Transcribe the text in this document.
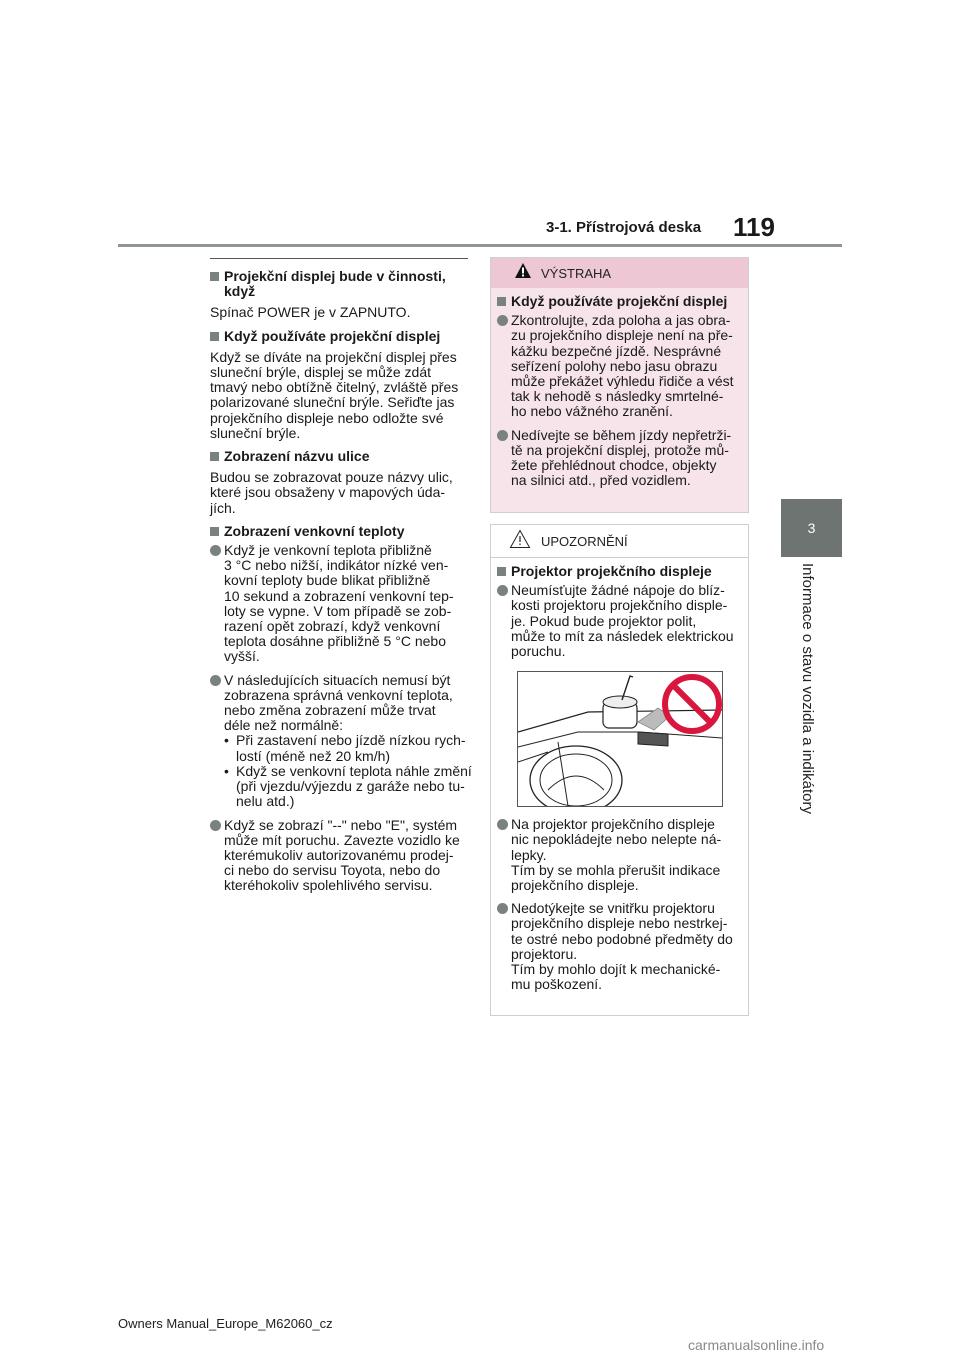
3-1. Přístrojová deska 119
3
Informace o stavu vozidla a indikátory
Projekční displej bude v činnosti,
když
Spínač POWER je v ZAPNUTO.
Když používáte projekční displej
Když se díváte na projekční displej přes
sluneční brýle, displej se může zdát
tmavý nebo obtížně čitelný, zvláště přes
polarizované sluneční brýle. Seřiďte jas
projekčního displeje nebo odložte své
sluneční brýle.
Zobrazení názvu ulice
Budou se zobrazovat pouze názvy ulic,
které jsou obsaženy v mapových úda-
jích.
Zobrazení venkovní teploty
Když je venkovní teplota přibližně
3 °C nebo nižší, indikátor nízké ven-
kovní teploty bude blikat přibližně
10 sekund a zobrazení venkovní tep-
loty se vypne. V tom případě se zob-
razení opět zobrazí, když venkovní
teplota dosáhne přibližně 5 °C nebo
vyšší.
V následujících situacích nemusí být
zobrazena správná venkovní teplota,
nebo změna zobrazení může trvat
déle než normálně:
• Při zastavení nebo jízdě nízkou rych-
lostí (méně než 20 km/h)
• Když se venkovní teplota náhle změní
(při vjezdu/výjezdu z garáže nebo tu-
nelu atd.)
Když se zobrazí "--" nebo "E", systém
může mít poruchu. Zavezte vozidlo ke
kterémukoliv autorizovanému prodej-
ci nebo do servisu Toyota, nebo do
kteréhokoliv spolehlivého servisu.
VÝSTRAHA
Když používáte projekční displej
Zkontrolujte, zda poloha a jas obra-
zu projekčního displeje není na pře-
kážku bezpečné jízdě. Nesprávné
seřízení polohy nebo jasu obrazu
může překážet výhledu řidiče a vést
tak k nehodě s následky smrtelné-
ho nebo vážného zranění.
Nedívejte se během jízdy nepřetrži-
tě na projekční displej, protože mů-
žete přehlédnout chodce, objekty
na silnici atd., před vozidlem.
UPOZORNĚNÍ
Projektor projekčního displeje
Neumísťujte žádné nápoje do blíz-
kosti projektoru projekčního disple-
je. Pokud bude projektor polit,
může to mít za následek elektrickou
poruchu.
Na projektor projekčního displeje
nic nepokládejte nebo nelepte ná-
lepky.
Tím by se mohla přerušit indikace
projekčního displeje.
Nedotýkejte se vnitřku projektoru
projekčního displeje nebo nestrkej-
te ostré nebo podobné předměty do
projektoru.
Tím by mohlo dojít k mechanické-
mu poškození.
Owners Manual_Europe_M62060_cz
carmanualsonline.info
